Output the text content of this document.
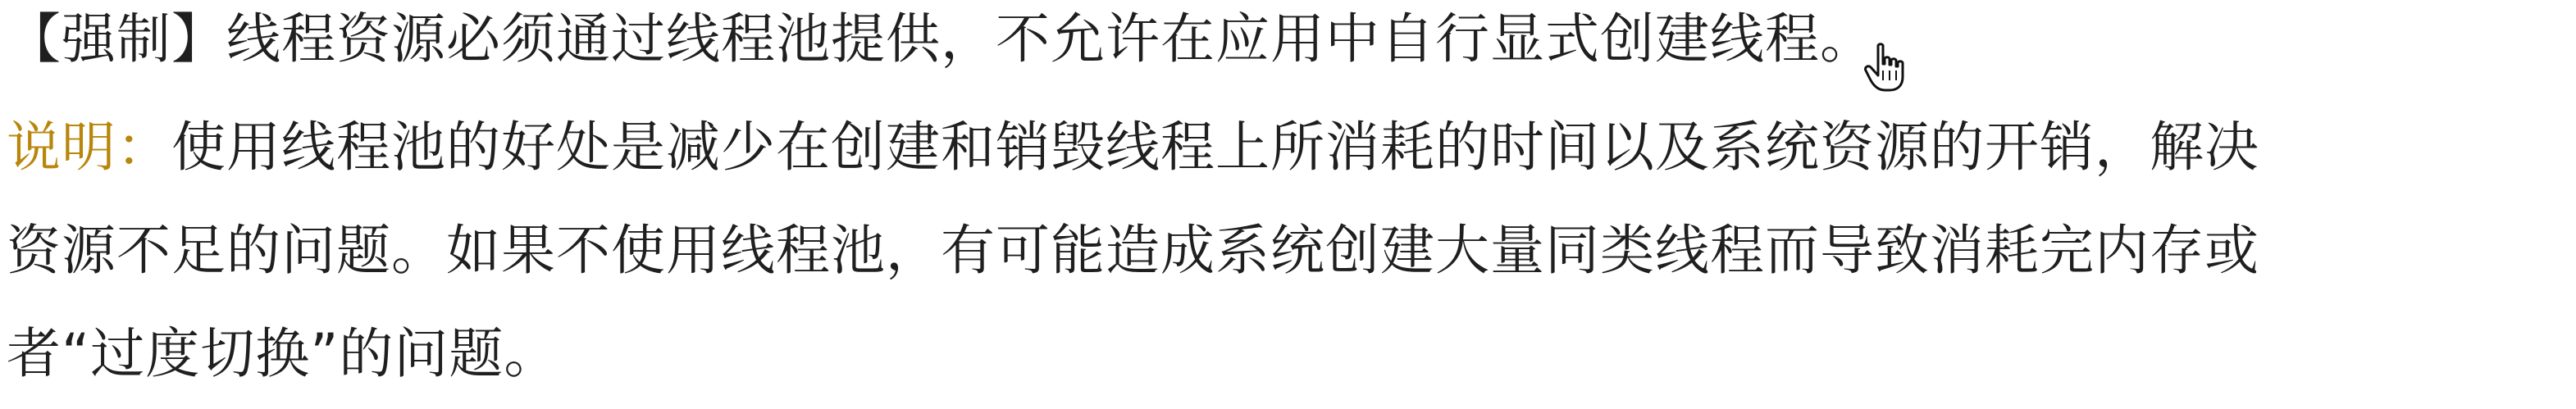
【强制】线程资源必须通过线程池提供，不允许在应用中自行显式创建线程。
说明：使用线程池的好处是减少在创建和销毁线程上所消耗的时间以及系统资源的开销，解决
资源不足的问题。如果不使用线程池，有可能造成系统创建大量同类线程而导致消耗完内存或
者“过度切换”的问题。
